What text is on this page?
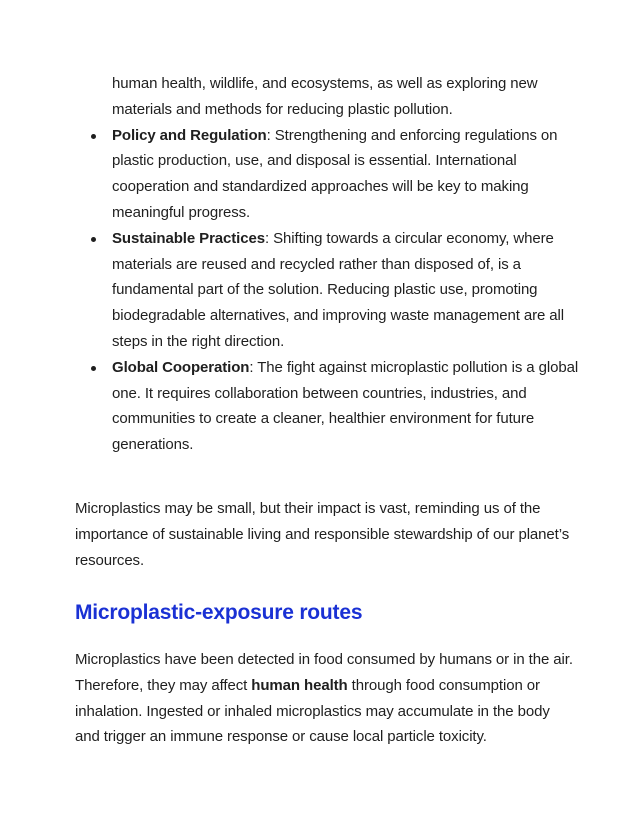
human health, wildlife, and ecosystems, as well as exploring new
materials and methods for reducing plastic pollution.
Policy and Regulation: Strengthening and enforcing regulations on plastic production, use, and disposal is essential. International cooperation and standardized approaches will be key to making meaningful progress.
Sustainable Practices: Shifting towards a circular economy, where materials are reused and recycled rather than disposed of, is a fundamental part of the solution. Reducing plastic use, promoting biodegradable alternatives, and improving waste management are all steps in the right direction.
Global Cooperation: The fight against microplastic pollution is a global one. It requires collaboration between countries, industries, and communities to create a cleaner, healthier environment for future generations.

Microplastics may be small, but their impact is vast, reminding us of the importance of sustainable living and responsible stewardship of our planet’s resources.

Microplastic-exposure routes

Microplastics have been detected in food consumed by humans or in the air. Therefore, they may affect human health through food consumption or inhalation. Ingested or inhaled microplastics may accumulate in the body and trigger an immune response or cause local particle toxicity.
